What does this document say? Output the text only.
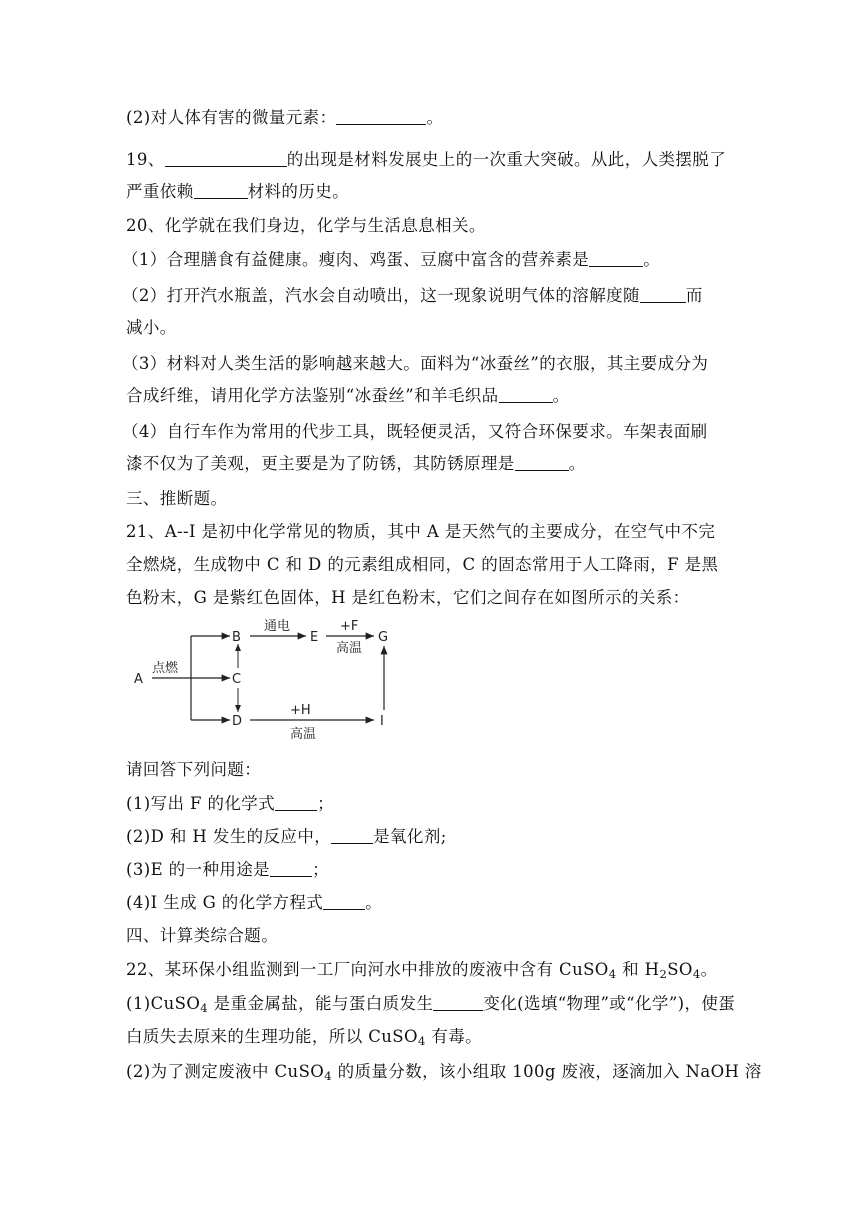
(2)对人体有害的微量元素：	。
19、	的出现是材料发展史上的一次重大突破。从此，人类摆脱了
严重依赖	材料的历史。
20、化学就在我们身边，化学与生活息息相关。
（1）合理膳食有益健康。瘦肉、鸡蛋、豆腐中富含的营养素是	。
（2）打开汽水瓶盖，汽水会自动喷出，这一现象说明气体的溶解度随	而
减小。
（3）材料对人类生活的影响越来越大。面料为“冰蚕丝”的衣服，其主要成分为
合成纤维，请用化学方法鉴别“冰蚕丝”和羊毛织品	。
（4）自行车作为常用的代步工具，既轻便灵活，又符合环保要求。车架表面刷
漆不仅为了美观，更主要是为了防锈，其防锈原理是	。
三、推断题。
21、A--I 是初中化学常见的物质，其中 A 是天然气的主要成分，在空气中不完
全燃烧，生成物中 C 和 D 的元素组成相同，C 的固态常用于人工降雨，F 是黑
色粉末，G 是紫红色固体，H 是红色粉末，它们之间存在如图所示的关系：
A
B
C
D
E	G
I
点燃
通电	+F
高温
+H
高温
请回答下列问题：
(1)写出 F 的化学式	；
(2)D 和 H 发生的反应中，	是氧化剂;
(3)E 的一种用途是	；
(4)I 生成 G 的化学方程式	。
四、计算类综合题。
22、某环保小组监测到一工厂向河水中排放的废液中含有 CuSO$_4$ 和 $H_2SO_4$。
(1)CuSO$_4$ 是重金属盐，能与蛋白质发生	变化(选填“物理”或“化学”)，使蛋
白质失去原来的生理功能，所以 CuSO$_4$ 有毒。
(2)为了测定废液中 CuSO$_4$ 的质量分数，该小组取 100g 废液，逐滴加入 NaOH 溶
